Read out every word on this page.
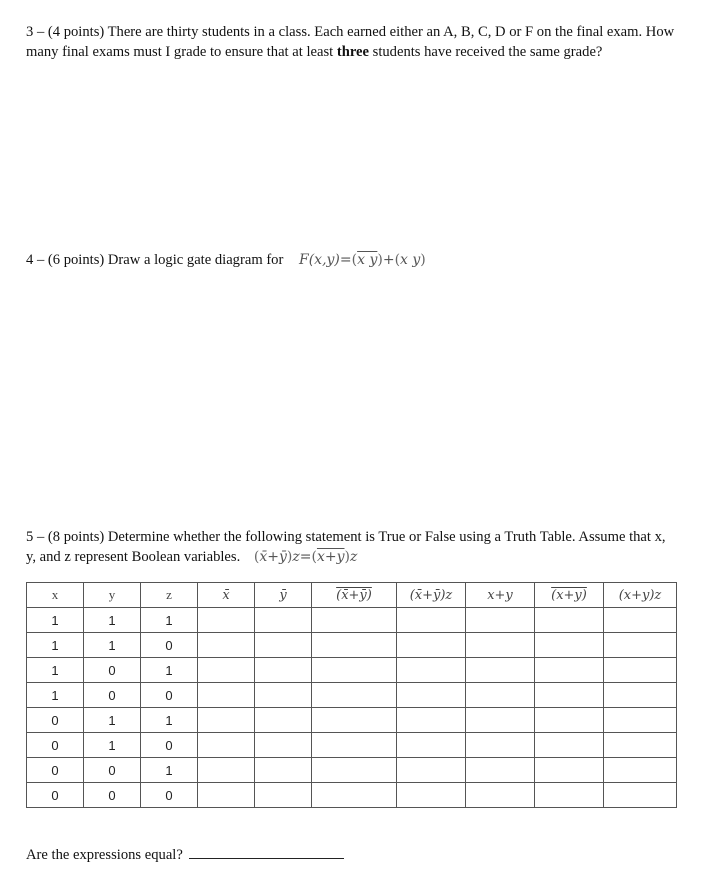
3 – (4 points) There are thirty students in a class. Each earned either an A, B, C, D or F on the final exam. How many final exams must I grade to ensure that at least three students have received the same grade?
4 – (6 points) Draw a logic gate diagram for F(x,y)=(x y)+(x y)
5 – (8 points) Determine whether the following statement is True or False using a Truth Table. Assume that x, y, and z represent Boolean variables. (x̄+ȳ)z=(x+y)z
x	y	z	x̄	ȳ	(x̄+ȳ)	(x̄+ȳ)z	x+y	(x+y)	(x+y)z
1	1	1							
1	1	0							
1	0	1							
1	0	0							
0	1	1							
0	1	0							
0	0	1							
0	0	0							
Are the expressions equal?
